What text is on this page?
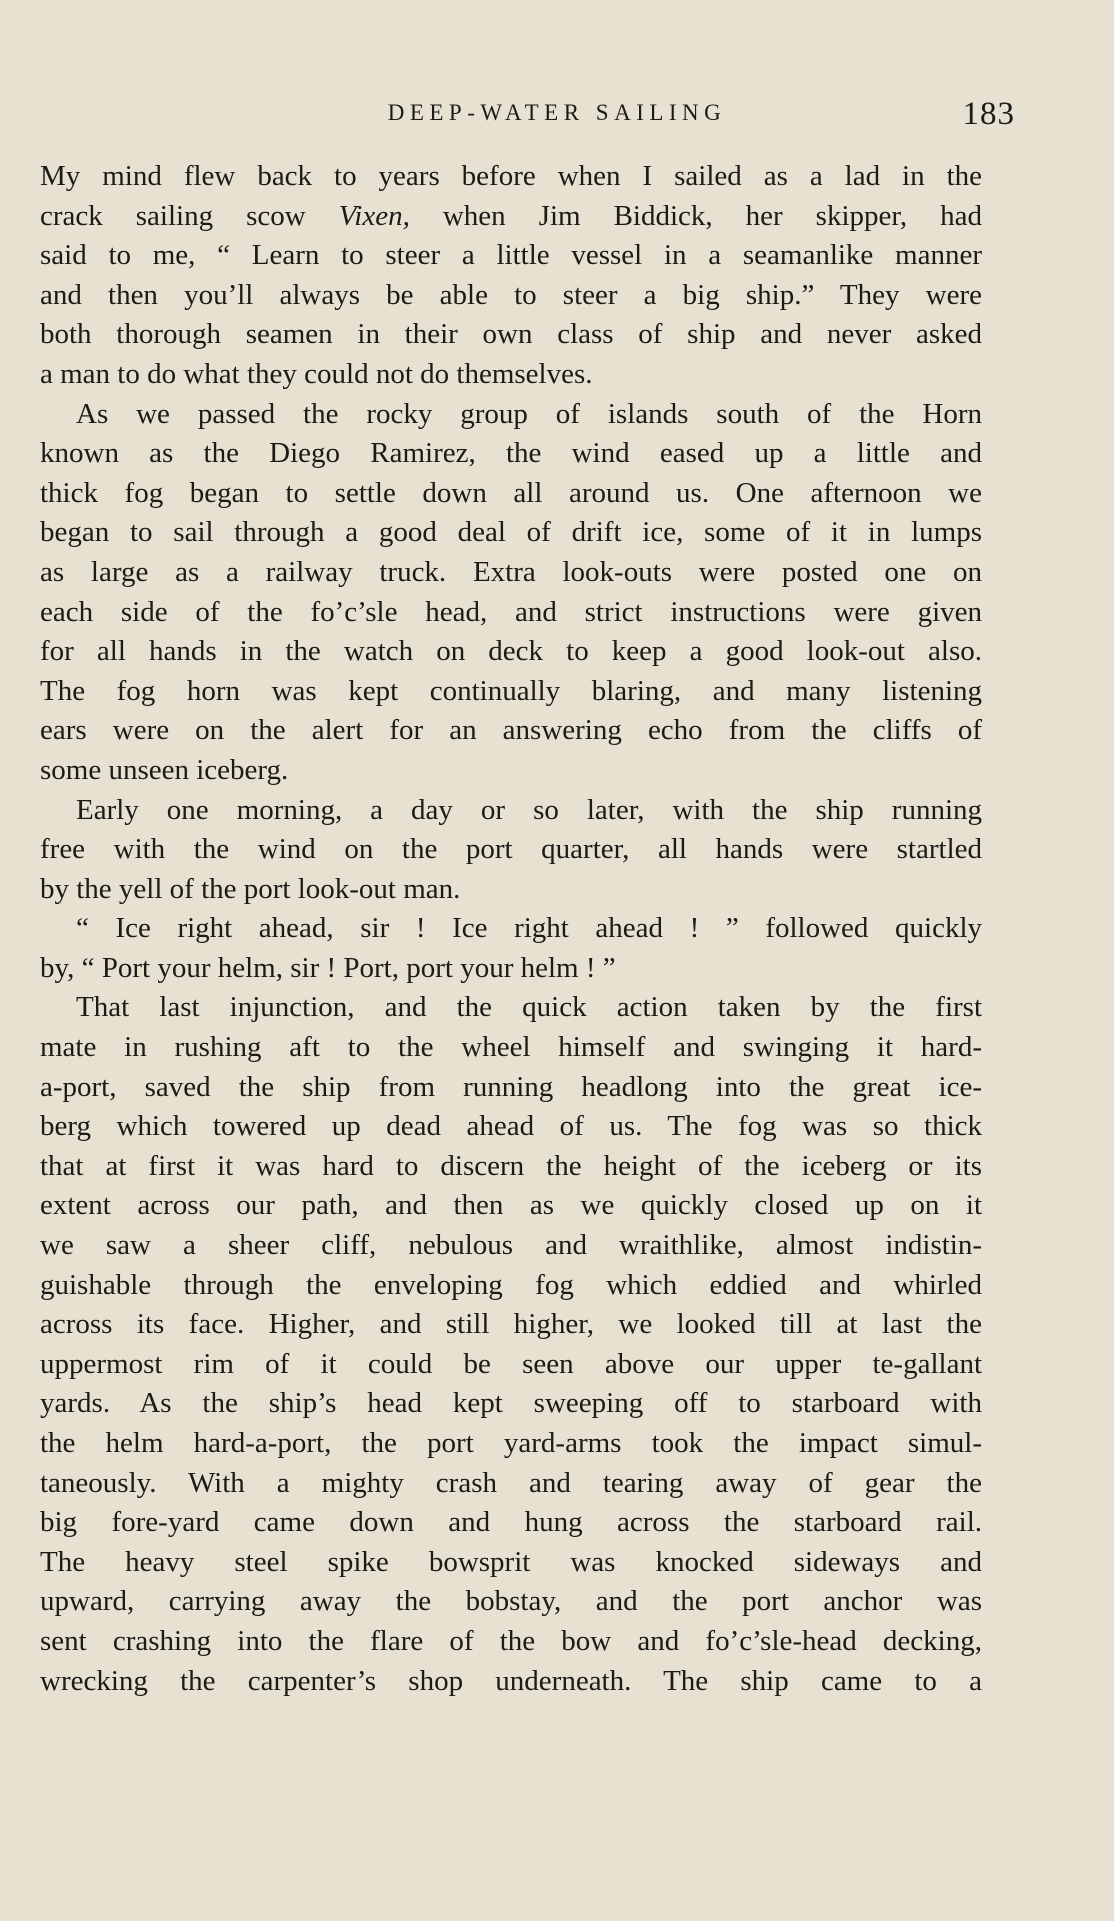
DEEP-WATER SAILING	183
My mind flew back to years before when I sailed as a lad in the
crack sailing scow Vixen, when Jim Biddick, her skipper, had
said to me, “ Learn to steer a little vessel in a seamanlike manner
and then you’ll always be able to steer a big ship.” They were
both thorough seamen in their own class of ship and never asked
a man to do what they could not do themselves.
As we passed the rocky group of islands south of the Horn
known as the Diego Ramirez, the wind eased up a little and
thick fog began to settle down all around us. One afternoon we
began to sail through a good deal of drift ice, some of it in lumps
as large as a railway truck. Extra look-outs were posted one on
each side of the fo’c’sle head, and strict instructions were given
for all hands in the watch on deck to keep a good look-out also.
The fog horn was kept continually blaring, and many listening
ears were on the alert for an answering echo from the cliffs of
some unseen iceberg.
Early one morning, a day or so later, with the ship running
free with the wind on the port quarter, all hands were startled
by the yell of the port look-out man.
“ Ice right ahead, sir ! Ice right ahead ! ” followed quickly
by, “ Port your helm, sir ! Port, port your helm ! ”
That last injunction, and the quick action taken by the first
mate in rushing aft to the wheel himself and swinging it hard-
a-port, saved the ship from running headlong into the great ice-
berg which towered up dead ahead of us. The fog was so thick
that at first it was hard to discern the height of the iceberg or its
extent across our path, and then as we quickly closed up on it
we saw a sheer cliff, nebulous and wraithlike, almost indistin-
guishable through the enveloping fog which eddied and whirled
across its face. Higher, and still higher, we looked till at last the
uppermost rim of it could be seen above our upper te-gallant
yards. As the ship’s head kept sweeping off to starboard with
the helm hard-a-port, the port yard-arms took the impact simul-
taneously. With a mighty crash and tearing away of gear the
big fore-yard came down and hung across the starboard rail.
The heavy steel spike bowsprit was knocked sideways and
upward, carrying away the bobstay, and the port anchor was
sent crashing into the flare of the bow and fo’c’sle-head decking,
wrecking the carpenter’s shop underneath. The ship came to a
